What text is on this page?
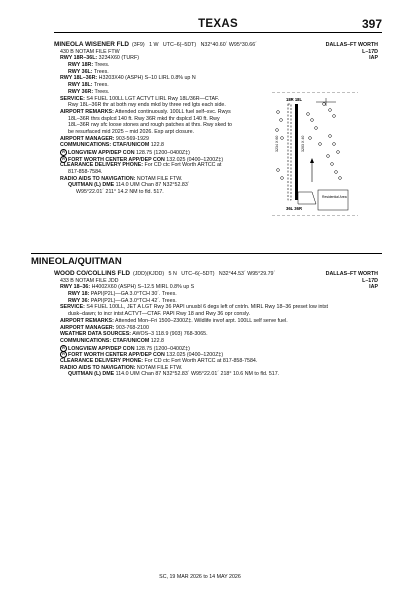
TEXAS	397
MINEOLA WISENER FLD (3F9) 1 W UTC–6(–5DT) N32°40.60´ W95°30.66´	DALLAS–FT WORTH
430 B NOTAM FILE FTW	L–17D
RWY 18R–36L: 3234X60 (TURF)
RWY 18R: Trees.
RWY 36L: Trees.
RWY 18L–36R: H3203X40 (ASPH) S–10 LIRL 0.8% up N
RWY 18L: Trees.
RWY 36R: Trees.
SERVICE: S4 FUEL 100LL LGT ACTVT LIRL Rwy 18L/36R—CTAF.
Rwy 18L–36R thr at both rwy ends mkd by three red lgts each side.
AIRPORT REMARKS: Attended continuously. 100LL fuel self–svc. Rwys
18L–36R thrs dsplcd 140 ft. Rwy 36R mkd thr dsplcd 140 ft. Rwy
18L–36R rwy sfc loose stones and rough patches at thrs. Rwy sked to
be resurfaced mid 2025 – mid 2026. Exp arpt closure.
AIRPORT MANAGER: 903-569-1929
COMMUNICATIONS: CTAF/UNICOM 122.8
R LONGVIEW APP/DEP CON 128.75 (1200–0400Z‡)
R FORT WORTH CENTER APP/DEP CON 132.025 (0400–1200Z‡)
CLEARANCE DELIVERY PHONE: For CD ctc Fort Worth ARTCC at
817-858-7584.
RADIO AIDS TO NAVIGATION: NOTAM FILE FTW.
QUITMAN (L) DME 114.0 UIM Chan 87 N32°52.83´
W95°22.01´ 211° 14.2 NM to fld. 517.
IAP
18R 18L
36L 36R
3234 X 60	3203 X 40
Residential Area
MINEOLA/QUITMAN
WOOD CO/COLLINS FLD (JDD)(KJDD) 5 N UTC–6(–5DT) N32°44.53´ W95°29.79´	DALLAS–FT WORTH
433 B NOTAM FILE JDD	L–17D
RWY 18–36: H4002X60 (ASPH) S–12.5 MIRL 0.8% up S
RWY 18: PAPI(P2L)—GA 3.0°TCH 30´. Trees.
RWY 36: PAPI(P2L)—GA 3.0°TCH 42´. Trees.
SERVICE: S4 FUEL 100LL, JET A LGT Rwy 36 PAPI unusbl 6 degs left of cntrln. MIRL Rwy 18–36 preset low intst
dusk–dawn; to incr intst ACTVT—CTAF. PAPI Rwy 18 and Rwy 36 opr consly.
AIRPORT REMARKS: Attended Mon–Fri 1500–2300Z‡. Wildlife invof arpt. 100LL self serve fuel.
AIRPORT MANAGER: 903-768-2100
WEATHER DATA SOURCES: AWOS–3 118.9 (903) 768-3065.
COMMUNICATIONS: CTAF/UNICOM 122.8
R LONGVIEW APP/DEP CON 128.75 (1200–0400Z‡)
R FORT WORTH CENTER APP/DEP CON 132.025 (0400–1200Z‡)
CLEARANCE DELIVERY PHONE: For CD ctc Fort Worth ARTCC at 817-858-7584.
RADIO AIDS TO NAVIGATION: NOTAM FILE FTW.
QUITMAN (L) DME 114.0 UIM Chan 87 N32°52.83´ W95°22.01´ 218° 10.6 NM to fld. 517.
IAP
SC, 19 MAR 2026 to 14 MAY 2026
